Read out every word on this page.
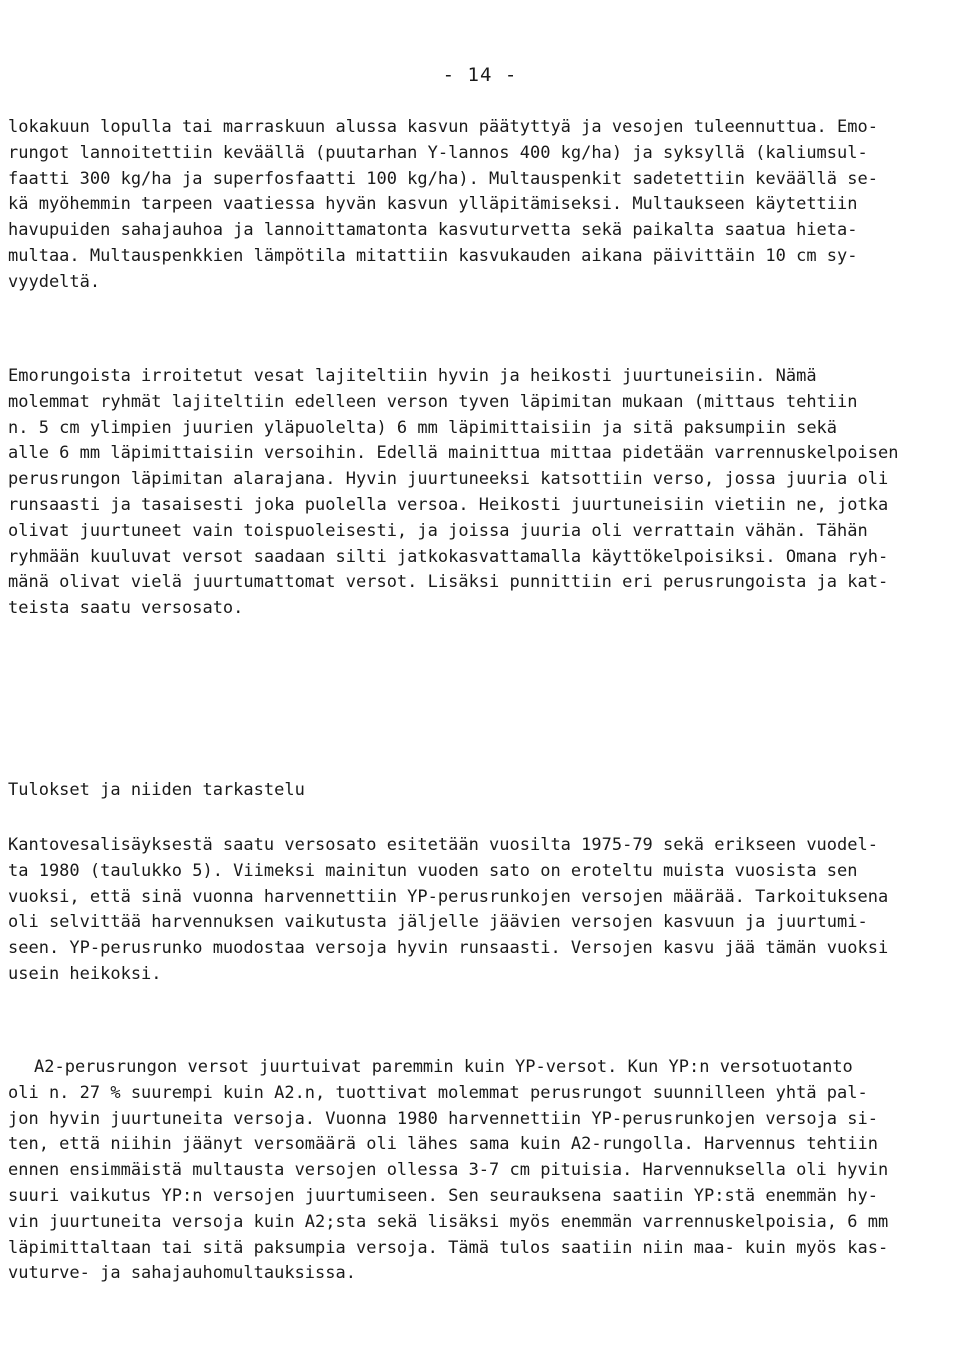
- 14 -
lokakuun lopulla tai marraskuun alussa kasvun päätyttyä ja vesojen tuleennuttua. Emo-
rungot lannoitettiin keväällä (puutarhan Y-lannos 400 kg/ha) ja syksyllä (kaliumsul-
faatti 300 kg/ha ja superfosfaatti 100 kg/ha). Multauspenkit sadetettiin keväällä se-
kä myöhemmin tarpeen vaatiessa hyvän kasvun ylläpitämiseksi. Multaukseen käytettiin
havupuiden sahajauhoa ja lannoittamatonta kasvuturvetta sekä paikalta saatua hieta-
multaa. Multauspenkkien lämpötila mitattiin kasvukauden aikana päivittäin 10 cm sy-
vyydeltä.
Emorungoista irroitetut vesat lajiteltiin hyvin ja heikosti juurtuneisiin. Nämä
molemmat ryhmät lajiteltiin edelleen verson tyven läpimitan mukaan (mittaus tehtiin
n. 5 cm ylimpien juurien yläpuolelta) 6 mm läpimittaisiin ja sitä paksumpiin sekä
alle 6 mm läpimittaisiin versoihin. Edellä mainittua mittaa pidetään varrennuskelpoisen
perusrungon läpimitan alarajana. Hyvin juurtuneeksi katsottiin verso, jossa juuria oli
runsaasti ja tasaisesti joka puolella versoa. Heikosti juurtuneisiin vietiin ne, jotka
olivat juurtuneet vain toispuoleisesti, ja joissa juuria oli verrattain vähän. Tähän
ryhmään kuuluvat versot saadaan silti jatkokasvattamalla käyttökelpoisiksi. Omana ryh-
mänä olivat vielä juurtumattomat versot. Lisäksi punnittiin eri perusrungoista ja kat-
teista saatu versosato.
Tulokset ja niiden tarkastelu
Kantovesalisäyksestä saatu versosato esitetään vuosilta 1975-79 sekä erikseen vuodel-
ta 1980 (taulukko 5). Viimeksi mainitun vuoden sato on eroteltu muista vuosista sen
vuoksi, että sinä vuonna harvennettiin YP-perusrunkojen versojen määrää. Tarkoituksena
oli selvittää harvennuksen vaikutusta jäljelle jäävien versojen kasvuun ja juurtumi-
seen. YP-perusrunko muodostaa versoja hyvin runsaasti. Versojen kasvu jää tämän vuoksi
usein heikoksi.
A2-perusrungon versot juurtuivat paremmin kuin YP-versot. Kun YP:n versotuotanto
oli n. 27 % suurempi kuin A2.n, tuottivat molemmat perusrungot suunnilleen yhtä pal-
jon hyvin juurtuneita versoja. Vuonna 1980 harvennettiin YP-perusrunkojen versoja si-
ten, että niihin jäänyt versomäärä oli lähes sama kuin A2-rungolla. Harvennus tehtiin
ennen ensimmäistä multausta versojen ollessa 3-7 cm pituisia. Harvennuksella oli hyvin
suuri vaikutus YP:n versojen juurtumiseen. Sen seurauksena saatiin YP:stä enemmän hy-
vin juurtuneita versoja kuin A2;sta sekä lisäksi myös enemmän varrennuskelpoisia, 6 mm
läpimittaltaan tai sitä paksumpia versoja. Tämä tulos saatiin niin maa- kuin myös kas-
vuturve- ja sahajauhomultauksissa.
